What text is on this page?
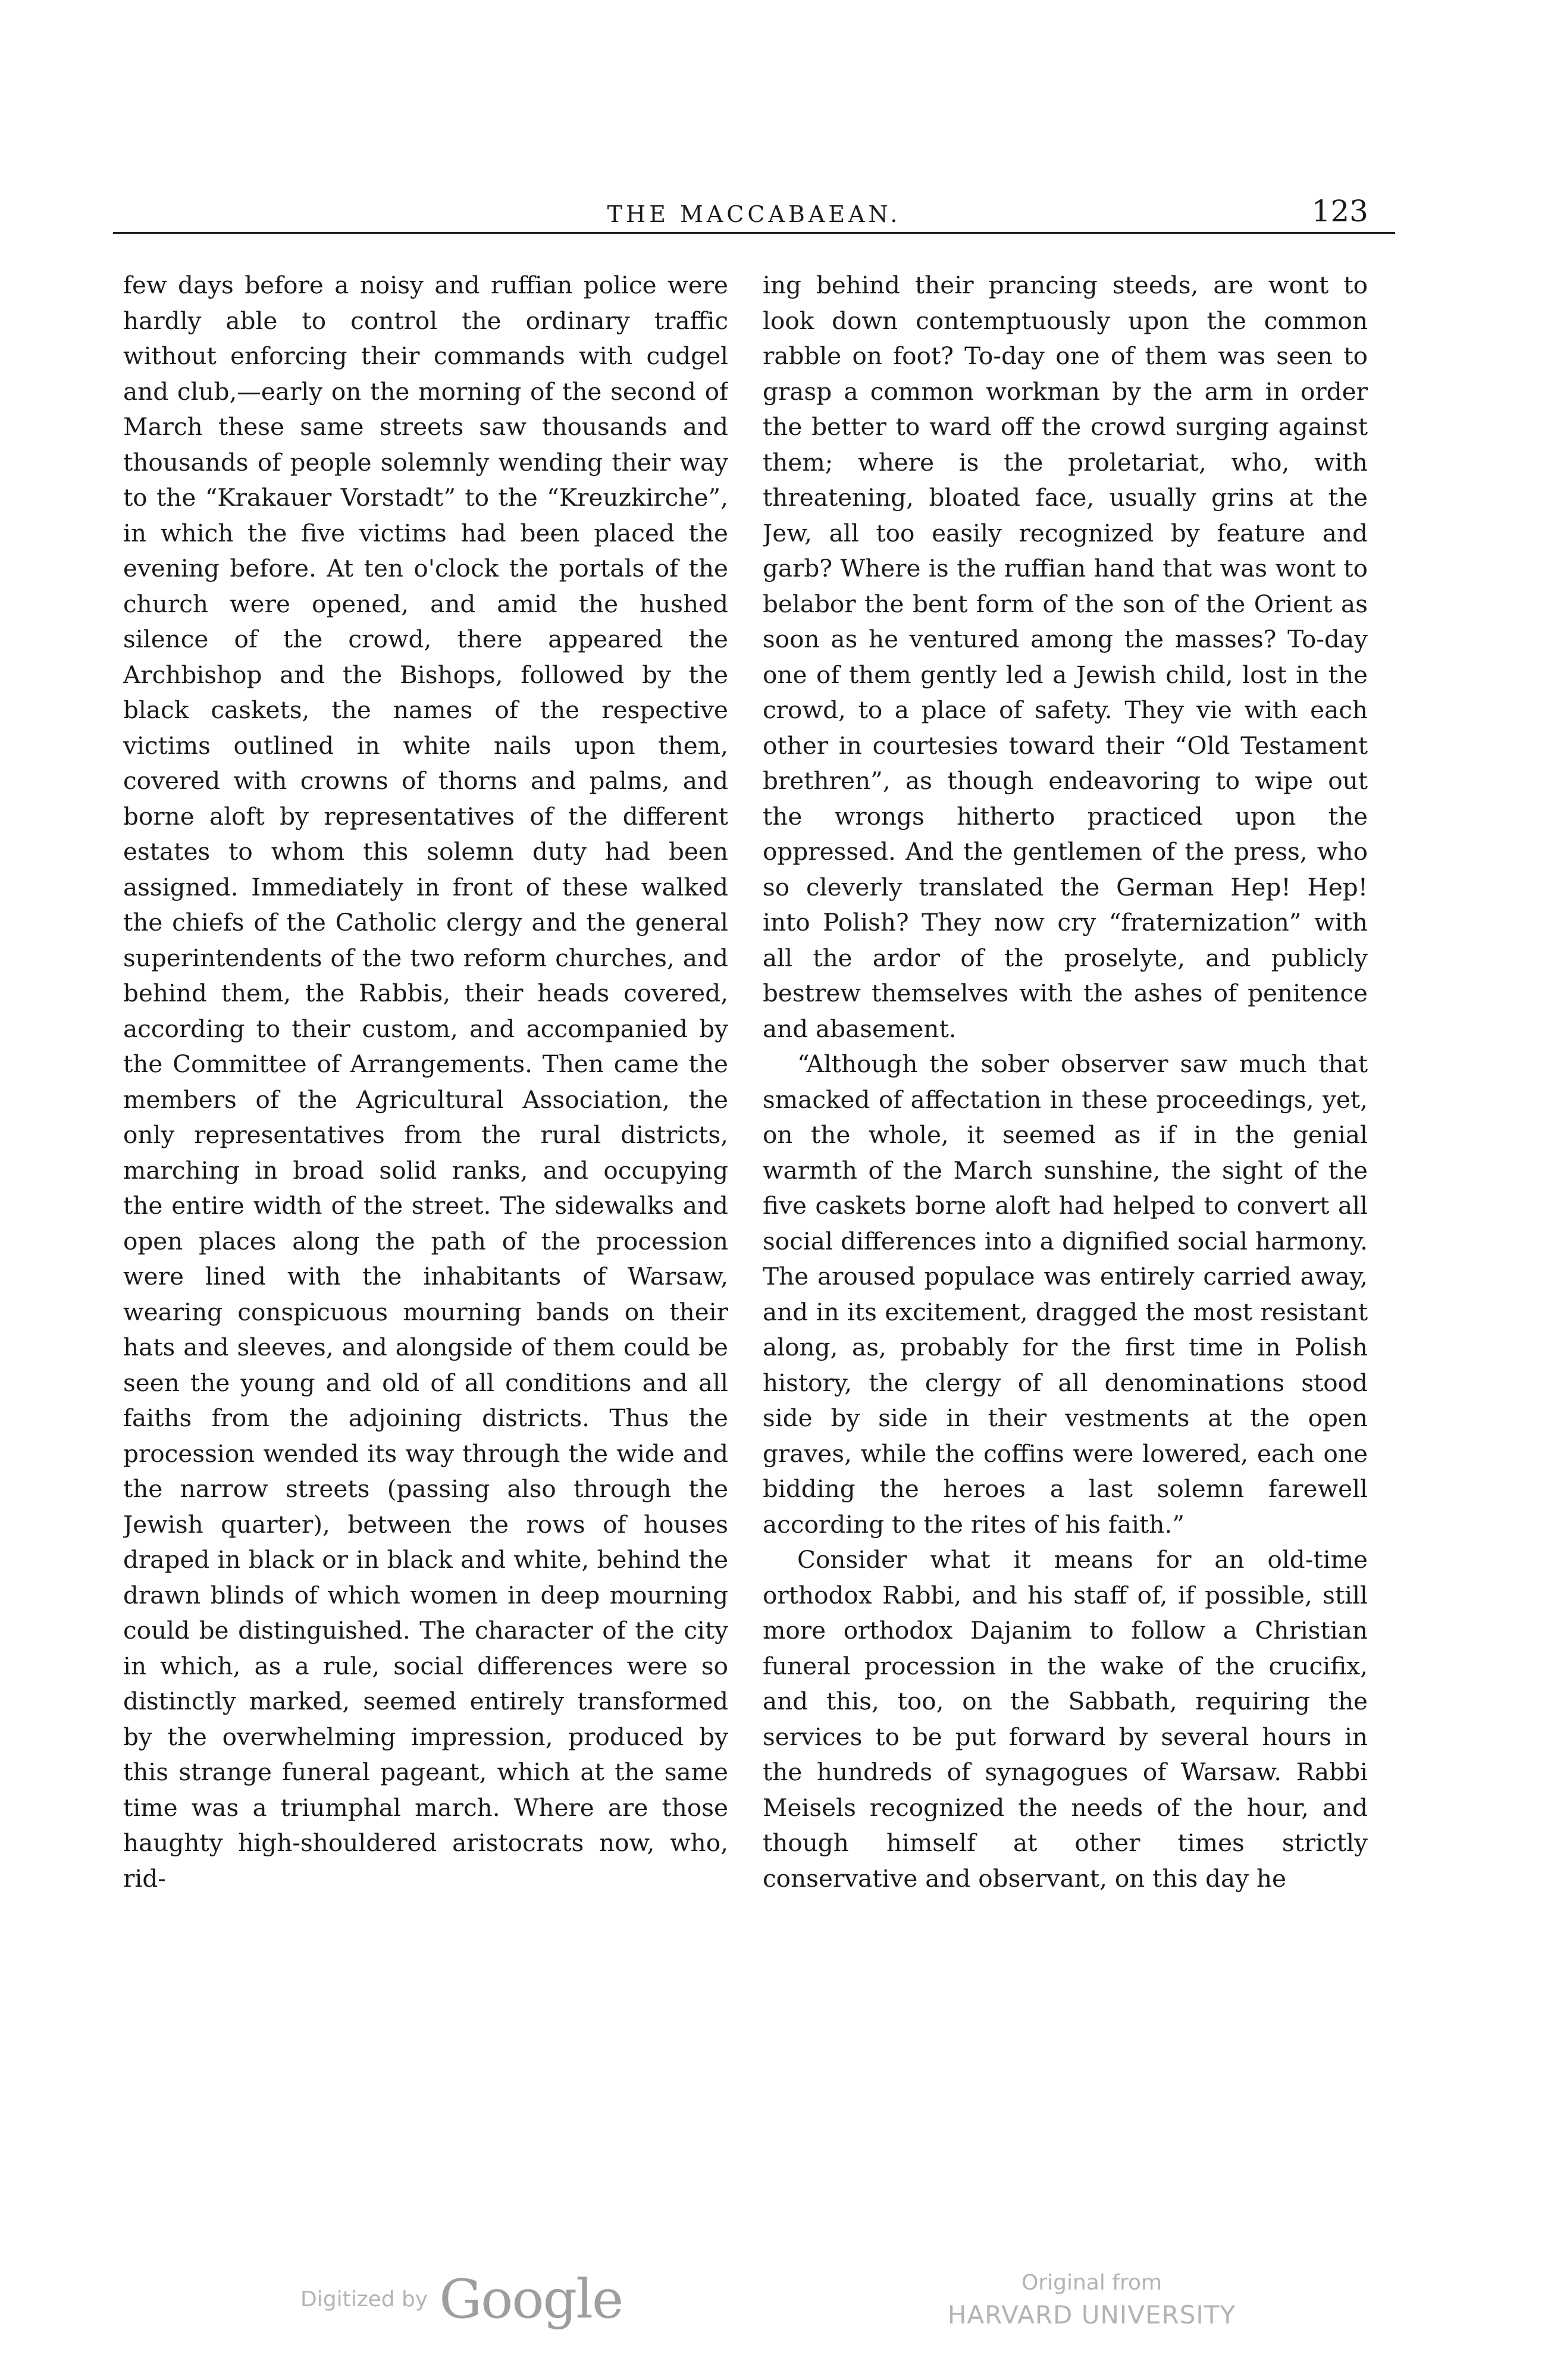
THE MACCABAEAN.	123

few days before a noisy and ruffian police were hardly able to control the ordinary traffic without enforcing their commands with cudgel and club,—early on the morning of the second of March these same streets saw thousands and thousands of people solemnly wending their way to the “Krakauer Vorstadt” to the “Kreuzkirche”, in which the five victims had been placed the evening before. At ten o'clock the portals of the church were opened, and amid the hushed silence of the crowd, there appeared the Archbishop and the Bishops, followed by the black caskets, the names of the respective victims outlined in white nails upon them, covered with crowns of thorns and palms, and borne aloft by representatives of the different estates to whom this solemn duty had been assigned. Immediately in front of these walked the chiefs of the Catholic clergy and the general superintendents of the two reform churches, and behind them, the Rabbis, their heads covered, according to their custom, and accompanied by the Committee of Arrangements. Then came the members of the Agricultural Association, the only representatives from the rural districts, marching in broad solid ranks, and occupying the entire width of the street. The sidewalks and open places along the path of the procession were lined with the inhabitants of Warsaw, wearing conspicuous mourning bands on their hats and sleeves, and alongside of them could be seen the young and old of all conditions and all faiths from the adjoining districts. Thus the procession wended its way through the wide and the narrow streets (passing also through the Jewish quarter), between the rows of houses draped in black or in black and white, behind the drawn blinds of which women in deep mourning could be distinguished. The character of the city in which, as a rule, social differences were so distinctly marked, seemed entirely transformed by the overwhelming impression, produced by this strange funeral pageant, which at the same time was a triumphal march. Where are those haughty high-shouldered aristocrats now, who, rid-

ing behind their prancing steeds, are wont to look down contemptuously upon the common rabble on foot? To-day one of them was seen to grasp a common workman by the arm in order the better to ward off the crowd surging against them; where is the proletariat, who, with threatening, bloated face, usually grins at the Jew, all too easily recognized by feature and garb? Where is the ruffian hand that was wont to belabor the bent form of the son of the Orient as soon as he ventured among the masses? To-day one of them gently led a Jewish child, lost in the crowd, to a place of safety. They vie with each other in courtesies toward their “Old Testament brethren”, as though endeavoring to wipe out the wrongs hitherto practiced upon the oppressed. And the gentlemen of the press, who so cleverly translated the German Hep! Hep! into Polish? They now cry “fraternization” with all the ardor of the proselyte, and publicly bestrew themselves with the ashes of penitence and abasement.

“Although the sober observer saw much that smacked of affectation in these proceedings, yet, on the whole, it seemed as if in the genial warmth of the March sunshine, the sight of the five caskets borne aloft had helped to convert all social differences into a dignified social harmony. The aroused populace was entirely carried away, and in its excitement, dragged the most resistant along, as, probably for the first time in Polish history, the clergy of all denominations stood side by side in their vestments at the open graves, while the coffins were lowered, each one bidding the heroes a last solemn farewell according to the rites of his faith.”

Consider what it means for an old-time orthodox Rabbi, and his staff of, if possible, still more orthodox Dajanim to follow a Christian funeral procession in the wake of the crucifix, and this, too, on the Sabbath, requiring the services to be put forward by several hours in the hundreds of synagogues of Warsaw. Rabbi Meisels recognized the needs of the hour, and though himself at other times strictly conservative and observant, on this day he

Digitized by Google	Original from
HARVARD UNIVERSITY
